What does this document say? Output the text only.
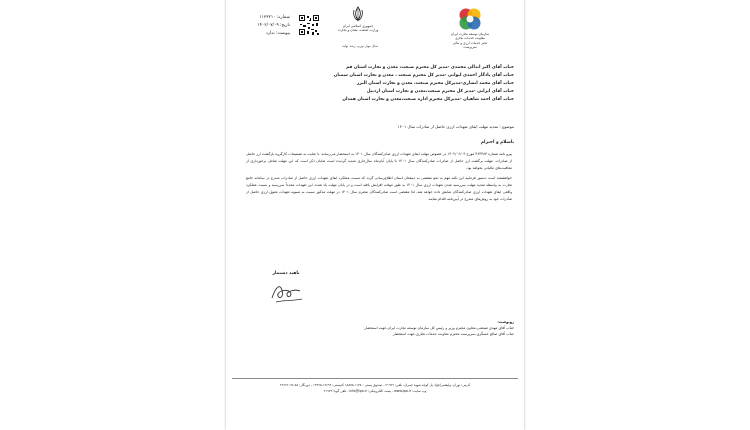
شماره: ۱۱۳۳۲۱۰
تاریخ: ۱۴۰۲/۰۷/۰۹
پیوست: ندارد
جمهوری اسلامی ایران
وزارت صنعت، معدن و تجارت
سال مهار تورم، رشد تولید
سازمان توسعه تجارت ایران
معاونت خدمات تجاری
دفتر خدمات ارزی و مالی
سرپرست
جناب آقای اکبر ابدالی محمدی -مدیر کل محترم صنعت، معدن و تجارت استان قم
جناب آقای یادگار احمدی لیوانی -مدیر کل محترم صنعت ، معدن و تجارت استان سمنان
جناب آقای محمد انصاری-مدیرکل محترم صنعت، معدن و تجارت استان البرز
جناب آقای ایرانی -مدیر کل محترم صنعت،معدن و تجارت استان اردبیل
جناب آقای احمد شاهیان -مدیرکل محترم اداره صنعت،معدن و تجارت استان همدان
موضوع : تمدید مهلت ایفای تعهدات ارزی حاصل از صادرات سال ۱۴۰۱
باسلام و احترام

پیرو نامه شماره ۴۶۳۳۸۳ مورخ ۱۴۰۲/۰۶/۰۳ در خصوص مهلت ایفای تعهدات ارزی صادرکنندگان سال ۱۴۰۱ به استحضار می‌رساند، با عنایت به تصمیمات کارگروه بازگشت ارز حاصل از صادرات، مهلت برگشت ارز حاصل از صادرات صادرکنندگان سال ۱۴۰۱ تا پایان آبان‌ماه سال‌جاری تمدید گردیده است شایان ذکر است که این مهلت شامل برخورداری از معافیت‌های مالیاتی نخواهد بود.

خواهشمند است دستور فرمایید این نکته مهم به نحو مقتضی به ذینفعان استان اطلاع‌رسانی گردد که نسبت عملکرد ایفای تعهدات ارزی حاصل از صادرات مندرج در سامانه جامع تجارت به واسطه تمدید مهلت سررسید شدن تعهدات ارزی سال ۱۴۰۱ به طور موقت افزایش یافته است و در پایان مهلت یاد شده، این تعهدات مجدداً سررسید و نسبت عملکرد واقعی ایفای تعهدات ارزی صادرکنندگان نمایش داده خواهد شد، لذا مقتضی است صادرکنندگان محترم سال ۱۴۰۱ در مهلت مذکور نسبت به تسویه تعهدات معوق ارزی حاصل از صادرات خود به روش‌های مندرج در آیین‌نامه اقدام نمایند.

ناهید دشتمار
رونوشت:
جناب آقای مهدی ضیغمی-معاون محترم وزیر و رئیس کل سازمان توسعه تجارت ایران-جهت استحضار
جناب آقای صالح عسگری-سرپرست محترم معاونت خدمات تجاری-جهت استحضار
آدرس: تهران، ولیعصر(عج)، پل کوچه شهید چمران، تلفن: ۲۱۹۲۹ ، صندوق پستی : ۱۱۴۸-۱۵۸۷۵ کدپستی: ۱۹۶۹۹-۱۳۹۹۵ ، دورنگار: ۸۵-۲۲۶۶۲۰۷۶
وب سایت: www.tpo.ir ، پست الکترونیکی: info@tpo.ir ، تلفن گویا: ۲۱۹۲۹
